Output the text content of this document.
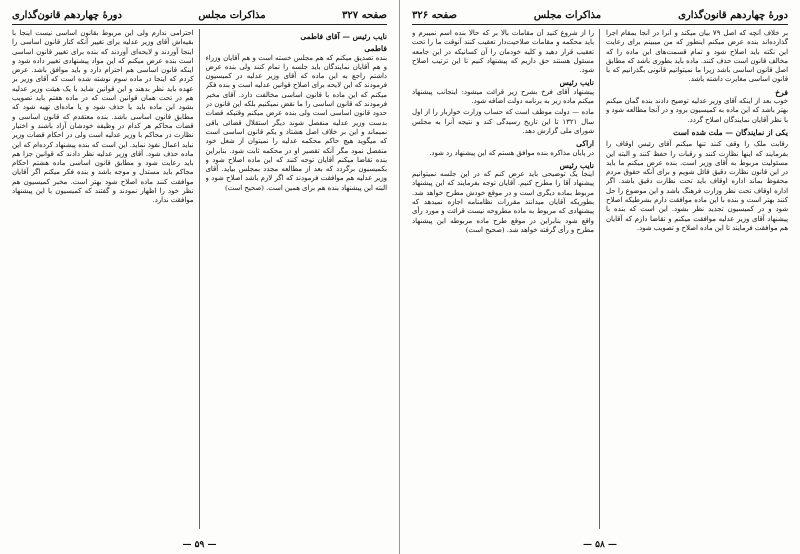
صفحه ۳۲۷
مذاکرات مجلس
دورهٔ چهاردهم قانون‌گذاری
نایب رئیس — آقای فاطمی
فاطمی

بنده تصدیق میکنم که هم مجلس خسته است و هم آقایان وزراء و هم آقایان نمایندگان باید جلسه را تمام کنند ولی بنده عرض داشتم راجع به این ماده که آقای وزیر عدلیه در کمیسیون فرمودند که این لایحه برای اصلاح قوانین عدلیه است و بنده فکر میکنم که این ماده با قانون اساسی مخالفت دارد. آقای مخبر فرمودند که قانون اساسی را ما نقض نمیکنیم بلکه این قانون در حدود قانون اساسی است ولی بنده عرض میکنم وقتیکه قضات بدست وزیر عدلیه منفصل شوند دیگر استقلال قضائی باقی نمیماند و این بر خلاف اصل هشتاد و یکم قانون اساسی است که میگوید هیچ حاکم محکمه عدلیه را نمیتوان از شغل خود منفصل نمود مگر آنکه تقصیر او در محکمه ثابت شود. بنابراین بنده تقاضا میکنم آقایان توجه کنند که این ماده اصلاح شود و بکمیسیون برگردد که بعد از مطالعه مجدد بمجلس بیاید. آقای وزیر عدلیه هم موافقت فرمودند که اگر لازم باشد اصلاح شود و البته این پیشنهاد بنده هم برای همین است. (صحیح است)

احترامی ندارم ولی این مربوط بقانون اساسی نیست اینجا با بقیه‌اش آقای وزیر عدلیه برای تغییر آنکه کنار قانون اساسی را اینجا آوردند و لایحه‌ای آوردند که بنده برای تغییر قانون اساسی است بنده عرض میکنم که این مواد پیشنهادی تغییر داده شود و اینکه قانون اساسی هم احترام دارد و باید موافق باشد. عرض کردم که اینجا در ماده سوم نوشته شده است که آقای وزیر بر عهده باید نظر بدهند و این قوانین شاید با یک هیئت وزیر عدلیه هم در تحت همان قوانین است که در ماده هفتم باید تصویب بشود این ماده باید یا حذف شود و یا ماده‌ای تهیه شود که مطابق قانون اساسی باشد. بنده معتقدم که قانون اساسی و قضات محاکم هر کدام در وظیفه خودشان آزاد باشند و اختیار نظارت در محاکم با وزیر عدلیه است ولی در احکام قضات وزیر نباید اعمال نفوذ نماید. این است که بنده پیشنهاد کرده‌ام که این ماده حذف شود. آقای وزیر عدلیه نظر دادند که قوانین جزا هم باید رعایت شود و مطابق قانون اساسی ماده هشتم احکام محاکم باید مستدل و موجه باشد و بنده فکر میکنم اگر آقایان موافقت کنند ماده اصلاح شود بهتر است. مخبر کمیسیون هم نظر خود را اظهار نمودند و گفتند که کمیسیون با این پیشنهاد موافقت ندارد.

— ۵۹ —
دورهٔ چهاردهم قانون‌گذاری
مذاکرات مجلس
صفحه ۳۲۶

بر خلاف آنچه که اصل ۷۹ بیان میکند و آنرا در آنجا بمقام اجرا گذارده‌اند بنده عرض میکنم اینطور که من میبینم برای رعایت این نکته باید اصلاح شود و تمام قسمت‌های این ماده را که مخالف قانون است حذف کنند. ماده باید بطوری باشد که مطابق اصل قانون اساسی باشد زیرا ما نمیتوانیم قانونی بگذرانیم که با قانون اساسی مغایرت داشته باشد.

فرخ

خوب بعد از اینکه آقای وزیر عدلیه توضیح دادند بنده گمان میکنم بهتر باشد که این ماده به کمیسیون برود و در آنجا مطالعه شود و با نظر آقایان نمایندگان اصلاح گردد.

یکی از نمایندگان — ملت شده است

رقابت ملک را وقف کنند تنها میکنم آقای رئیس اوقاف را بفرمایند که اینها نظارت کنند و رقبات را حفظ کنند و البته این مسئولیت مربوط به آقای وزیر است. بنده عرض میکنم ما باید در این قانون نظارت دقیق قائل شویم و برای آنکه حقوق مردم محفوظ بماند اداره اوقاف باید تحت نظارت دقیق باشد. اگر اداره اوقاف تحت نظر وزارت فرهنگ باشد و این موضوع را حل کنند بهتر است و بنده با این ماده موافقت دارم بشرطیکه اصلاح شود و در کمیسیون تجدید نظر بشود. این است که بنده با پیشنهاد آقای وزیر عدلیه موافقت میکنم و تقاضا دارم که آقایان هم موافقت فرمایند تا این ماده اصلاح و تصویب شود.

را از شروع کنید آن مقامات بالا بر که حالا بنده اسم نمیبرم و باید محکمه و مقامات صلاحیت‌دار تعقیب کنند آنوقت ما را تحت تعقیب قرار دهید و کلیه خودمان را آن کسانیکه در این جامعه مسئول هستند حق داریم که پیشنهاد کنیم تا این ترتیب اصلاح شود.

نایب رئیس

پیشنهاد آقای فرخ بشرح زیر قرائت میشود: اینجانب پیشنهاد میکنم ماده زیر به برنامه دولت اضافه شود.

ماده — دولت موظف است که حساب وزارت خواربار را از اول سال ۱۳۲۱ تا این تاریخ رسیدگی کند و نتیجه آنرا به مجلس شورای ملی گزارش دهد.

اراکی

در پایان مذاکره بنده موافق هستم که این پیشنهاد رد شود.

نایب رئیس

اینجا یک توضیحی باید عرض کنم که در این جلسه نمیتوانیم پیشنهاد آقا را مطرح کنیم. آقایان توجه بفرمایند که این پیشنهاد مربوط بماده دیگری است و در موقع خودش مطرح خواهد شد. بطوریکه آقایان میدانند مقررات نظامنامه اجازه نمیدهد که پیشنهادی که مربوط به ماده مطروحه نیست قرائت و مورد رأی واقع شود بنابراین در موقع طرح ماده مربوطه این پیشنهاد مطرح و رأی گرفته خواهد شد. (صحیح است)

— ۵۸ —
